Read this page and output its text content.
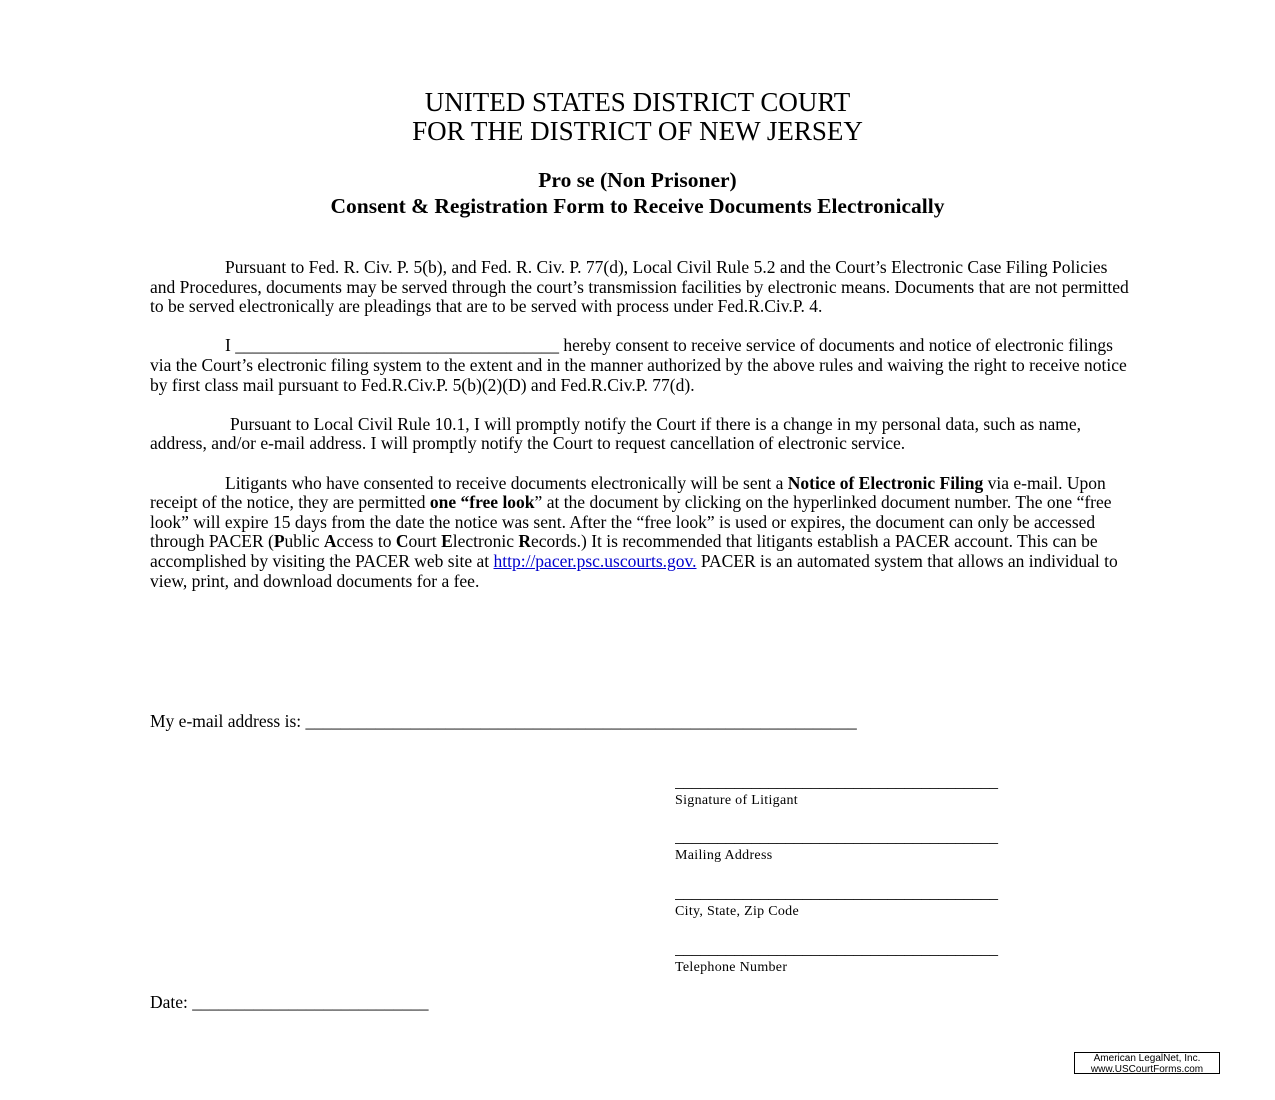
UNITED STATES DISTRICT COURT
FOR THE DISTRICT OF NEW JERSEY
Pro se (Non Prisoner)
Consent & Registration Form to Receive Documents Electronically

Pursuant to Fed. R. Civ. P. 5(b), and Fed. R. Civ. P. 77(d), Local Civil Rule 5.2 and the Court’s Electronic Case Filing Policies and Procedures, documents may be served through the court’s transmission facilities by electronic means. Documents that are not permitted to be served electronically are pleadings that are to be served with process under Fed.R.Civ.P. 4.

I _____________________________________ hereby consent to receive service of documents and notice of electronic filings via the Court’s electronic filing system to the extent and in the manner authorized by the above rules and waiving the right to receive notice by first class mail pursuant to Fed.R.Civ.P. 5(b)(2)(D) and Fed.R.Civ.P. 77(d).

Pursuant to Local Civil Rule 10.1, I will promptly notify the Court if there is a change in my personal data, such as name, address, and/or e-mail address. I will promptly notify the Court to request cancellation of electronic service.

Litigants who have consented to receive documents electronically will be sent a Notice of Electronic Filing via e-mail. Upon receipt of the notice, they are permitted one “free look” at the document by clicking on the hyperlinked document number. The one “free look” will expire 15 days from the date the notice was sent. After the “free look” is used or expires, the document can only be accessed through PACER (Public Access to Court Electronic Records.) It is recommended that litigants establish a PACER account. This can be accomplished by visiting the PACER web site at http://pacer.psc.uscourts.gov. PACER is an automated system that allows an individual to view, print, and download documents for a fee.

My e-mail address is: _______________________________________________________________
______________________________________
Signature of Litigant
______________________________________
Mailing Address
______________________________________
City, State, Zip Code
______________________________________
Telephone Number
Date: ___________________________
American LegalNet, Inc.
www.USCourtForms.com
